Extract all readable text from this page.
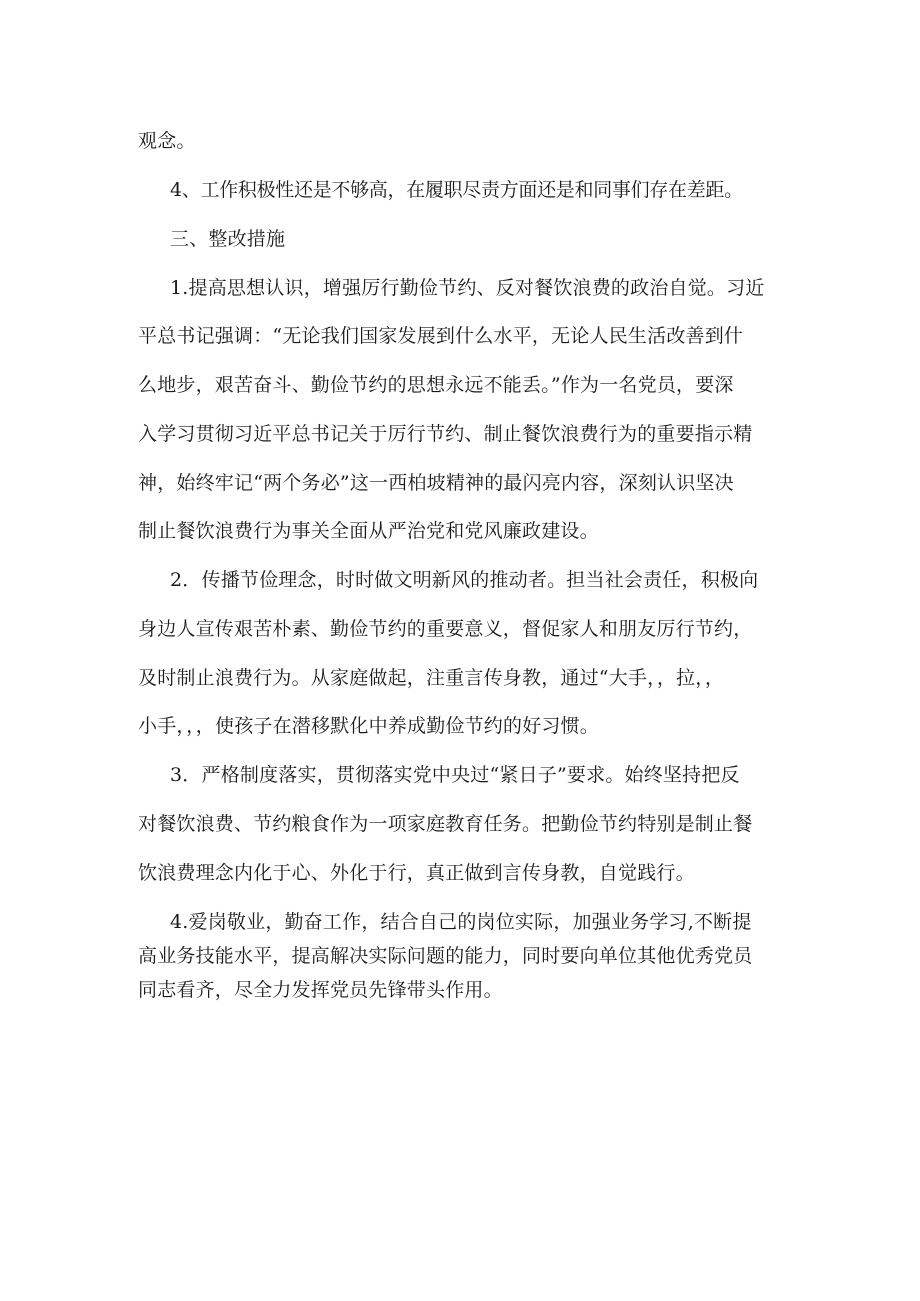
观念。
4、工作积极性还是不够高，在履职尽责方面还是和同事们存在差距。
三、整改措施
1.提高思想认识，增强厉行勤俭节约、反对餐饮浪费的政治自觉。习近
平总书记强调：“无论我们国家发展到什么水平，无论人民生活改善到什
么地步，艰苦奋斗、勤俭节约的思想永远不能丢。”作为一名党员，要深
入学习贯彻习近平总书记关于厉行节约、制止餐饮浪费行为的重要指示精
神，始终牢记“两个务必”这一西柏坡精神的最闪亮内容，深刻认识坚决
制止餐饮浪费行为事关全面从严治党和党风廉政建设。
2．传播节俭理念，时时做文明新风的推动者。担当社会责任，积极向
身边人宣传艰苦朴素、勤俭节约的重要意义，督促家人和朋友厉行节约，
及时制止浪费行为。从家庭做起，注重言传身教，通过“大手，，拉，，
小手，，，使孩子在潜移默化中养成勤俭节约的好习惯。
3．严格制度落实，贯彻落实党中央过“紧日子”要求。始终坚持把反
对餐饮浪费、节约粮食作为一项家庭教育任务。把勤俭节约特别是制止餐
饮浪费理念内化于心、外化于行，真正做到言传身教，自觉践行。
4.爱岗敬业，勤奋工作，结合自己的岗位实际，加强业务学习,不断提
高业务技能水平，提高解决实际问题的能力，同时要向单位其他优秀党员
同志看齐，尽全力发挥党员先锋带头作用。
